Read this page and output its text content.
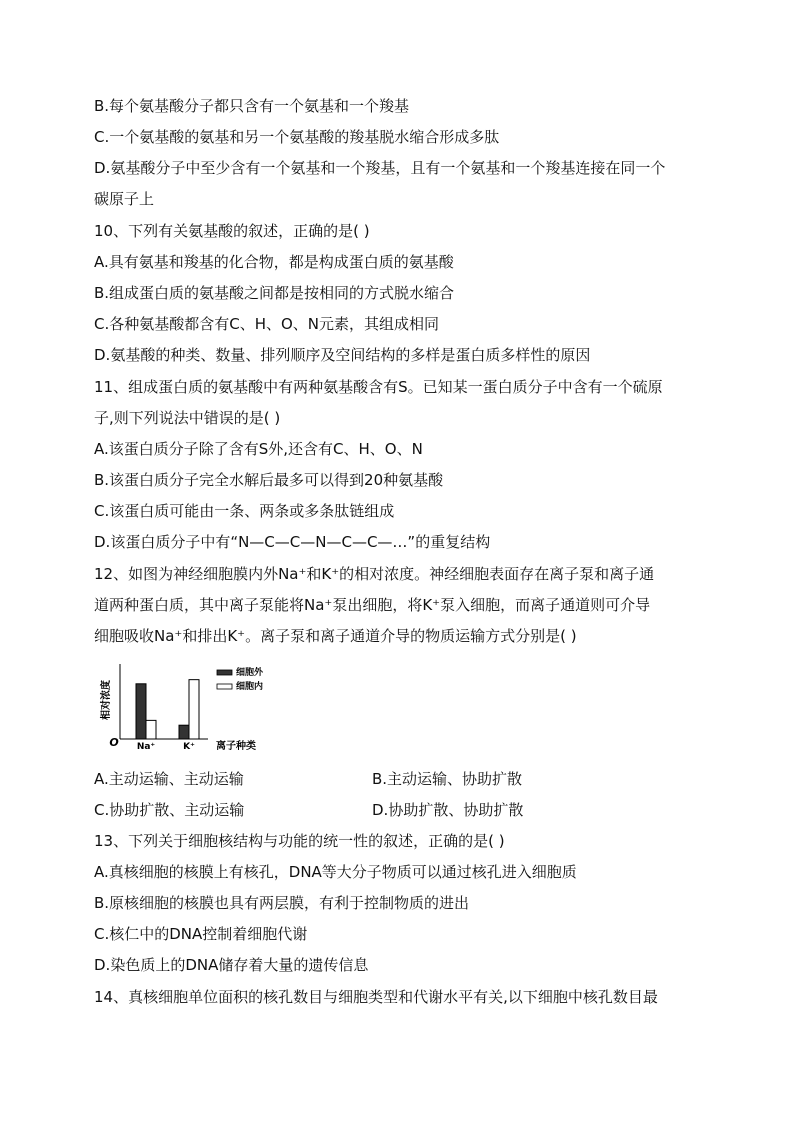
B.每个氨基酸分子都只含有一个氨基和一个羧基
C.一个氨基酸的氨基和另一个氨基酸的羧基脱水缩合形成多肽
D.氨基酸分子中至少含有一个氨基和一个羧基，且有一个氨基和一个羧基连接在同一个
碳原子上
10、下列有关氨基酸的叙述，正确的是( )
A.具有氨基和羧基的化合物，都是构成蛋白质的氨基酸
B.组成蛋白质的氨基酸之间都是按相同的方式脱水缩合
C.各种氨基酸都含有C、H、O、N元素，其组成相同
D.氨基酸的种类、数量、排列顺序及空间结构的多样是蛋白质多样性的原因
11、组成蛋白质的氨基酸中有两种氨基酸含有S。已知某一蛋白质分子中含有一个硫原
子,则下列说法中错误的是( )
A.该蛋白质分子除了含有S外,还含有C、H、O、N
B.该蛋白质分子完全水解后最多可以得到20种氨基酸
C.该蛋白质可能由一条、两条或多条肽链组成
D.该蛋白质分子中有“N—C—C—N—C—C—…”的重复结构
12、如图为神经细胞膜内外Na⁺和K⁺的相对浓度。神经细胞表面存在离子泵和离子通
道两种蛋白质，其中离子泵能将Na⁺泵出细胞，将K⁺泵入细胞，而离子通道则可介导
细胞吸收Na⁺和排出K⁺。离子泵和离子通道介导的物质运输方式分别是( )
相对浓度
O	离子种类
Na⁺	K⁺
细胞外
细胞内
A.主动运输、主动运输	B.主动运输、协助扩散
C.协助扩散、主动运输	D.协助扩散、协助扩散
13、下列关于细胞核结构与功能的统一性的叙述，正确的是( )
A.真核细胞的核膜上有核孔，DNA等大分子物质可以通过核孔进入细胞质
B.原核细胞的核膜也具有两层膜，有利于控制物质的进出
C.核仁中的DNA控制着细胞代谢
D.染色质上的DNA储存着大量的遗传信息
14、真核细胞单位面积的核孔数目与细胞类型和代谢水平有关,以下细胞中核孔数目最
